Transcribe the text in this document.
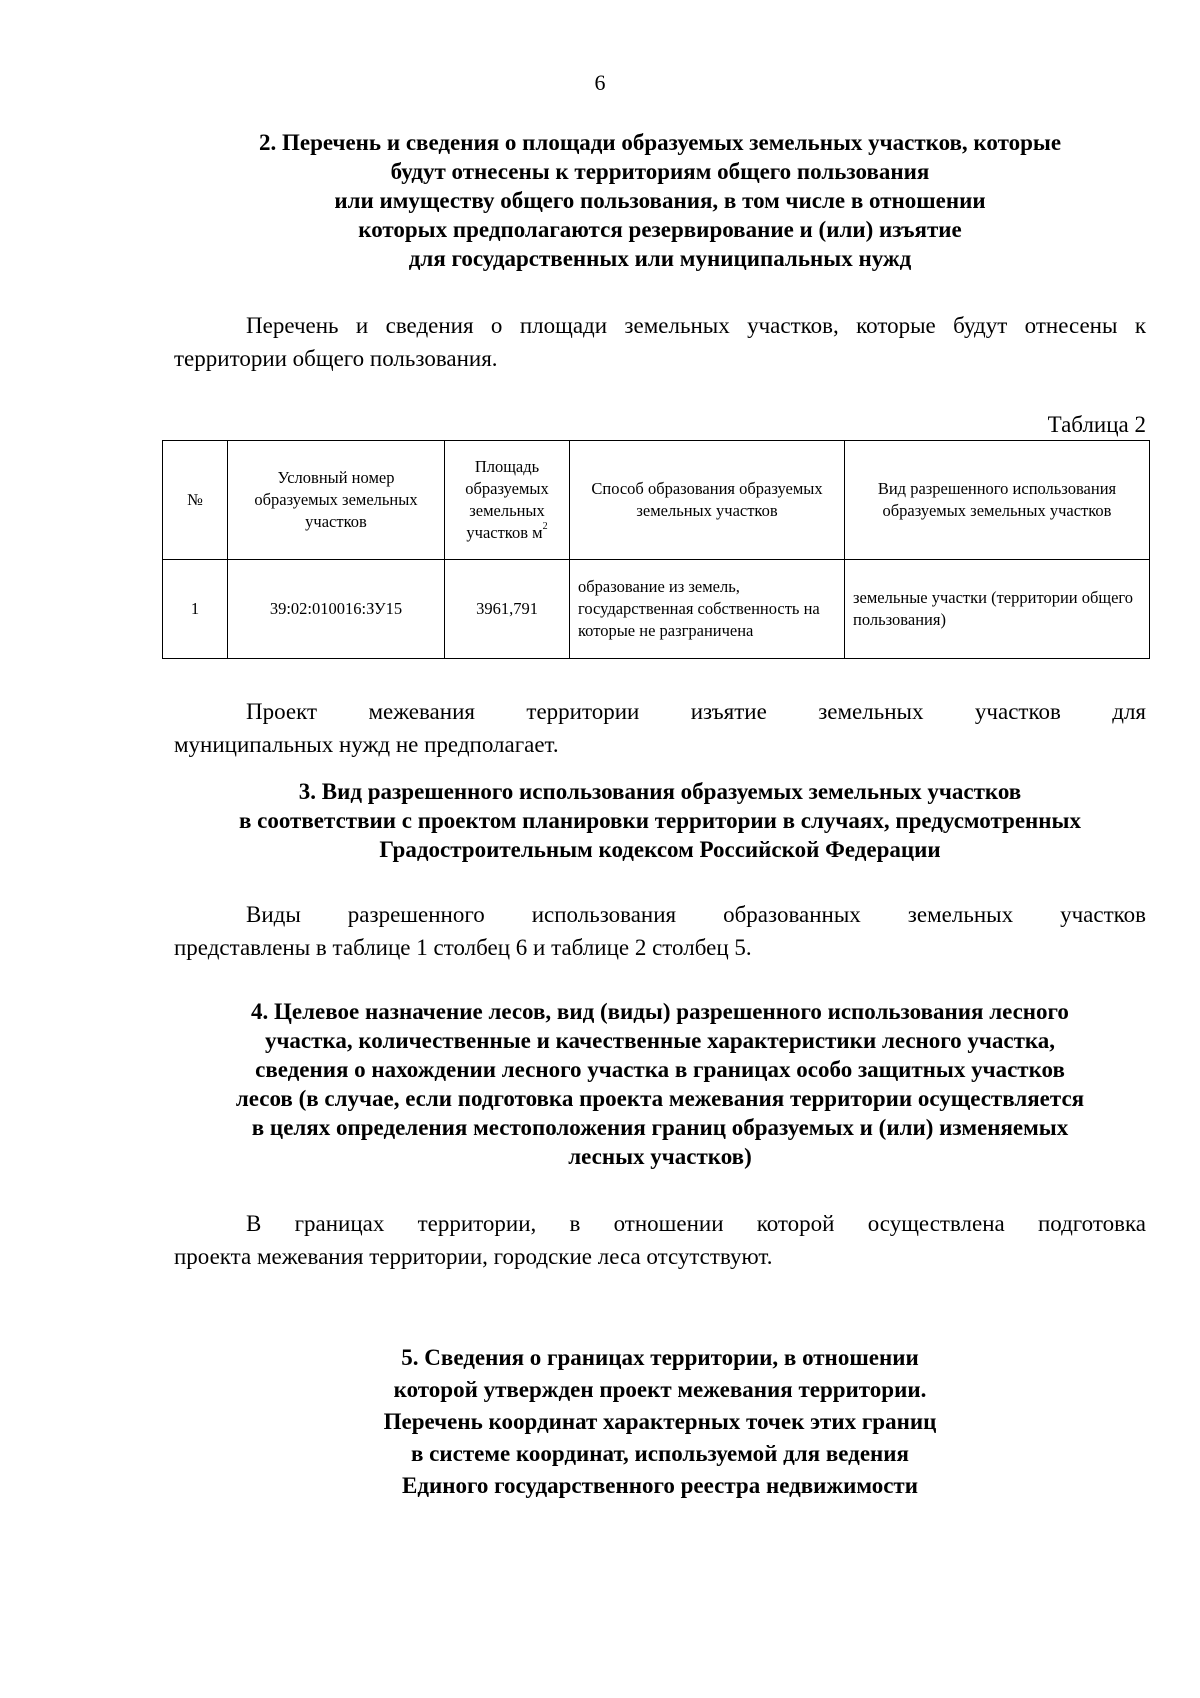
6
2. Перечень и сведения о площади образуемых земельных участков, которые
будут отнесены к территориям общего пользования
или имуществу общего пользования, в том числе в отношении
которых предполагаются резервирование и (или) изъятие
для государственных или муниципальных нужд
Перечень и сведения о площади земельных участков, которые будут отнесены к
территории общего пользования.
Таблица 2
№	Условный номер образуемых земельных участков	Площадь образуемых земельных участков $м^2$	Способ образования образуемых земельных участков	Вид разрешенного использования образуемых земельных участков
1	39:02:010016:ЗУ15	3961,791	образование из земель, государственная собственность на которые не разграничена	земельные участки (территории общего пользования)
Проект межевания территории изъятие земельных участков для
муниципальных нужд не предполагает.
3. Вид разрешенного использования образуемых земельных участков
в соответствии с проектом планировки территории в случаях, предусмотренных
Градостроительным кодексом Российской Федерации
Виды разрешенного использования образованных земельных участков
представлены в таблице 1 столбец 6 и таблице 2 столбец 5.
4. Целевое назначение лесов, вид (виды) разрешенного использования лесного
участка, количественные и качественные характеристики лесного участка,
сведения о нахождении лесного участка в границах особо защитных участков
лесов (в случае, если подготовка проекта межевания территории осуществляется
в целях определения местоположения границ образуемых и (или) изменяемых
лесных участков)
В границах территории, в отношении которой осуществлена подготовка
проекта межевания территории, городские леса отсутствуют.
5. Сведения о границах территории, в отношении
которой утвержден проект межевания территории.
Перечень координат характерных точек этих границ
в системе координат, используемой для ведения
Единого государственного реестра недвижимости
